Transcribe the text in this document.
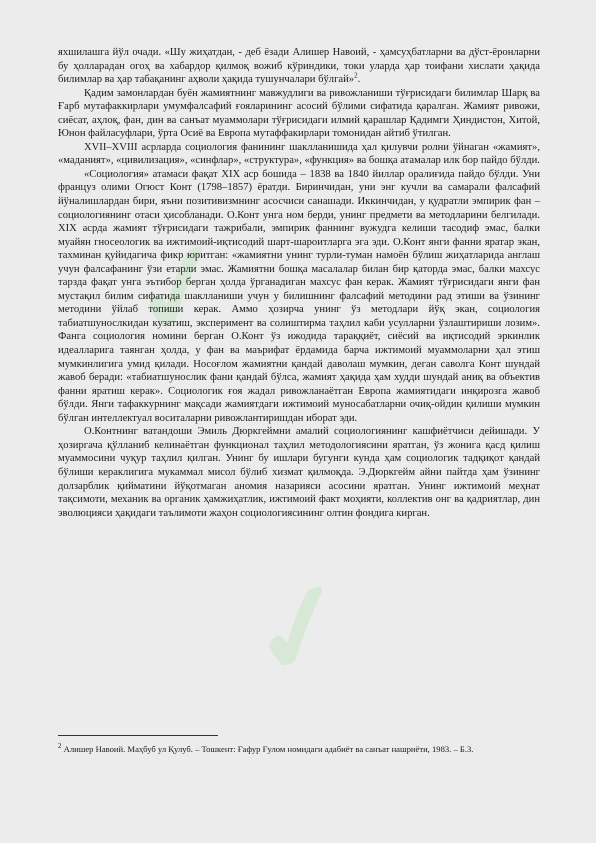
✓
✓

яхшилашга йўл очади. «Шу жиҳатдан, - деб ёзади Алишер Навоий, - ҳамсуҳбатларни ва дўст-ёронларни бу ҳолларадан огоҳ ва хабардор қилмоқ вожиб кўриндики, токи уларда ҳар тоифани хислати ҳақида билимлар ва ҳар табақанинг аҳволи ҳақида тушунчалари бўлгай»$^2$.

Қадим замонлардан буён жамиятнинг мавжудлиги ва ривожланиши тўғрисидаги билимлар Шарқ ва Ғарб мутафаккирлари умумфалсафий ғояларининг асосий бўлими сифатида қаралган. Жамият ривожи, сиёсат, аҳлоқ, фан, дин ва санъат муаммолари тўғрисидаги илмий қарашлар Қадимги Ҳиндистон, Хитой, Юнон файласуфлари, ўрта Осиё ва Европа мутаффакирлари томонидан айтиб ўтилган.

XVII–XVIII асрларда социология фанининг шаклланишида ҳал қилувчи ролни ўйнаган «жамият», «маданият», «цивилизация», «синфлар», «структура», «функция» ва бошқа атамалар илк бор пайдо бўлди.

«Социология» атамаси фақат XIX аср бошида – 1838 ва 1840 йиллар оралиғида пайдо бўлди. Уни француз олими Огюст Конт (1798–1857) ёратди. Биринчидан, уни энг кучли ва самарали фалсафий йўналишлардан бири, яъни позитивизмнинг асосчиси санашади. Иккинчидан, у қудратли эмпирик фан – социологиянинг отаси ҳисобланади. О.Конт унга ном берди, унинг предмети ва методларини белгилади. XIX асрда жамият тўғрисидаги тажрибали, эмпирик фаннинг вужудга келиши тасодиф эмас, балки муайян гносеологик ва ижтимоий-иқтисодий шарт-шароитларга эга эди. О.Конт янги фанни яратар экан, тахминан қуйидагича фикр юритган: «жамиятни унинг турли-туман намоён бўлиш жиҳатларида англаш учун фалсафанинг ўзи етарли эмас. Жамиятни бошқа масалалар билан бир қаторда эмас, балки махсус тарзда фақат унга эътибор берган ҳолда ўрганадиган махсус фан керак. Жамият тўғрисидаги янги фан мустақил билим сифатида шаклланиши учун у билишнинг фалсафий методини рад этиши ва ўзининг методини ўйлаб топиши керак. Аммо ҳозирча унинг ўз методлари йўқ экан, социология табиатшунослкидан кузатиш, эксперимент ва солиштирма таҳлил каби усулларни ўзлаштириши лозим». Фанга социология номини берган О.Конт ўз ижодида тараққиёт, сиёсий ва иқтисодий эркинлик идеалларига таянган ҳолда, у фан ва маърифат ёрдамида барча ижтимоий муаммоларни ҳал этиш мумкинлигига умид қилади. Носоғлом жамиятни қандай даволаш мумкин, деган саволга Конт шундай жавоб беради: «табиатшунослик фани қандай бўлса, жамият ҳақида ҳам худди шундай аниқ ва объектив фанни яратиш керак». Социологик ғоя жадал ривожланаётган Европа жамиятидаги инқирозга жавоб бўлди. Янги тафаккурнинг мақсади жамиятдаги ижтимоий муносабатларни очиқ-ойдин қилиши мумкин бўлган интеллектуал воситаларни ривожлантиришдан иборат эди.

О.Контнинг ватандоши Эмиль Дюркгеймни амалий социологиянинг кашфиётчиси дейишади. У ҳозиргача қўлланиб келинаётган функционал таҳлил методологиясини яратган, ўз жонига қасд қилиш муаммосини чуқур таҳлил қилган. Унинг бу ишлари бугунги кунда ҳам социологик тадқиқот қандай бўлиши кераклигига мукаммал мисол бўлиб хизмат қилмоқда. Э.Дюркгейм айни пайтда ҳам ўзининг долзарблик қийматини йўқотмаган аномия назарияси асосини яратган. Унинг ижтимоий меҳнат тақсимоти, механик ва органик ҳамжиҳатлик, ижтимоий факт моҳияти, коллектив онг ва қадриятлар, дин эволюцияси ҳақидаги таълимоти жаҳон социологиясининг олтин фондига кирган.

$^2$ Алишер Навоий. Маҳбуб ул Қулуб. – Тошкент: Ғафур Ғулом номидаги адабиёт ва санъат нашриёти, 1983. – Б.3.
